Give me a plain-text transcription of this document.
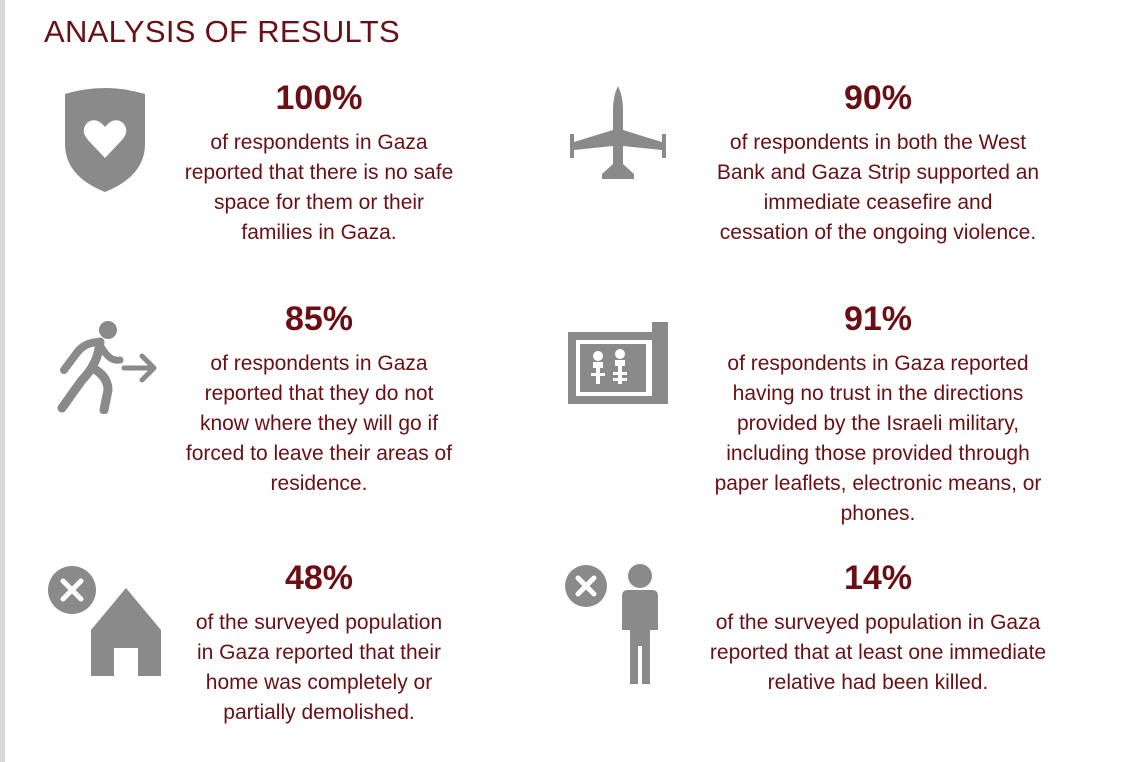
ANALYSIS OF RESULTS
100%
of respondents in Gaza
reported that there is no safe
space for them or their
families in Gaza.
90%
of respondents in both the West
Bank and Gaza Strip supported an
immediate ceasefire and
cessation of the ongoing violence.
85%
of respondents in Gaza
reported that they do not
know where they will go if
forced to leave their areas of
residence.
91%
of respondents in Gaza reported
having no trust in the directions
provided by the Israeli military,
including those provided through
paper leaflets, electronic means, or
phones.
48%
of the surveyed population
in Gaza reported that their
home was completely or
partially demolished.
14%
of the surveyed population in Gaza
reported that at least one immediate
relative had been killed.
